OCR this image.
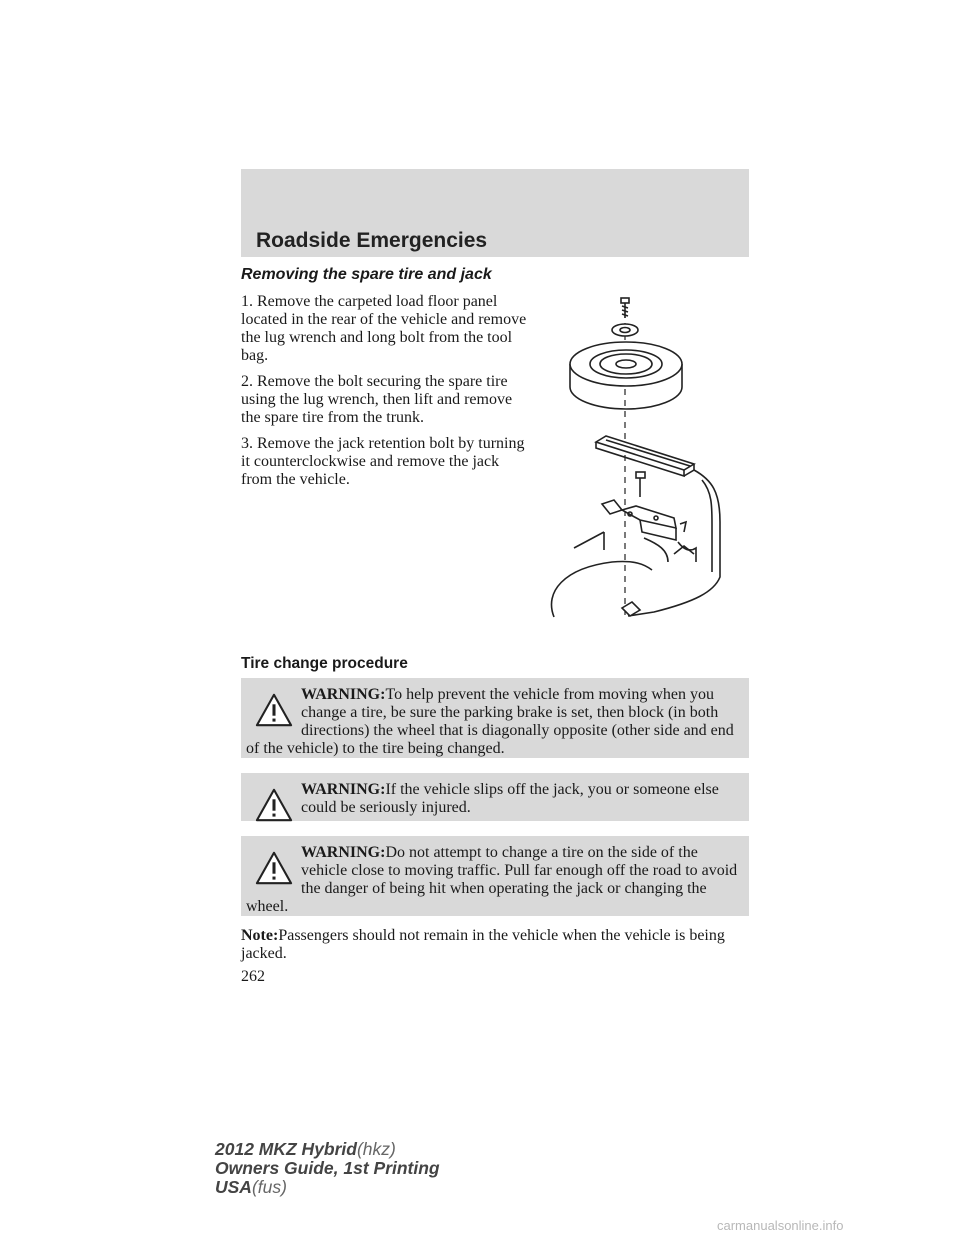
Roadside Emergencies
Removing the spare tire and jack

1. Remove the carpeted load floor panel located in the rear of the vehicle and remove the lug wrench and long bolt from the tool bag.

2. Remove the bolt securing the spare tire using the lug wrench, then lift and remove the spare tire from the trunk.

3. Remove the jack retention bolt by turning it counterclockwise and remove the jack from the vehicle.

Tire change procedure

WARNING:To help prevent the vehicle from moving when you change a tire, be sure the parking brake is set, then block (in both directions) the wheel that is diagonally opposite (other side and end of the vehicle) to the tire being changed.

WARNING:If the vehicle slips off the jack, you or someone else could be seriously injured.

WARNING:Do not attempt to change a tire on the side of the vehicle close to moving traffic. Pull far enough off the road to avoid the danger of being hit when operating the jack or changing the wheel.

Note:Passengers should not remain in the vehicle when the vehicle is being jacked.
262
2012 MKZ Hybrid(hkz)
Owners Guide, 1st Printing
USA(fus)
carmanualsonline.info
